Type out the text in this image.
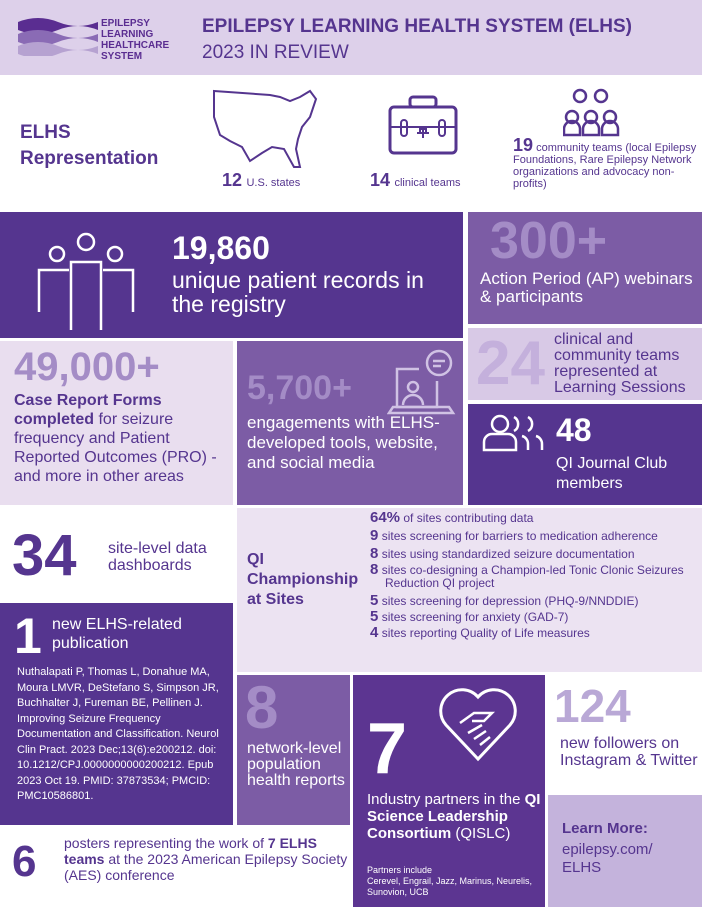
EPILEPSY
LEARNING
HEALTHCARE
SYSTEM
EPILEPSY LEARNING HEALTH SYSTEM (ELHS)
2023 IN REVIEW
ELHS Representation
12 U.S. states	14 clinical teams
19 community teams (local Epilepsy Foundations, Rare Epilepsy Network organizations and advocacy non-profits)
19,860
unique patient records in the registry
300+
Action Period (AP) webinars & participants
24 clinical and community teams represented at Learning Sessions
48
QI Journal Club members
49,000+
Case Report Forms completed for seizure frequency and Patient Reported Outcomes (PRO) - and more in other areas
5,700+
engagements with ELHS-developed tools, website, and social media
34 site-level data dashboards	QI Championship at Sites
64% of sites contributing data
9 sites screening for barriers to medication adherence
8 sites using standardized seizure documentation
8 sites co-designing a Champion-led Tonic Clonic Seizures Reduction QI project
5 sites screening for depression (PHQ-9/NNDDIE)
5 sites screening for anxiety (GAD-7)
4 sites reporting Quality of Life measures
1 new ELHS-related publication
Nuthalapati P, Thomas L, Donahue MA, Moura LMVR, DeStefano S, Simpson JR, Buchhalter J, Fureman BE, Pellinen J. Improving Seizure Frequency Documentation and Classification. Neurol Clin Pract. 2023 Dec;13(6):e200212. doi: 10.1212/CPJ.0000000000200212. Epub 2023 Oct 19. PMID: 37873534; PMCID: PMC10586801.
8
network-level population health reports 7
Industry partners in the QI Science Leadership Consortium (QISLC)
Partners include
Cerevel, Engrail, Jazz, Marinus, Neurelis, Sunovion, UCB
124
new followers on Instagram & Twitter
Learn More:
epilepsy.com/ ELHS
6 posters representing the work of 7 ELHS teams at the 2023 American Epilepsy Society (AES) conference
